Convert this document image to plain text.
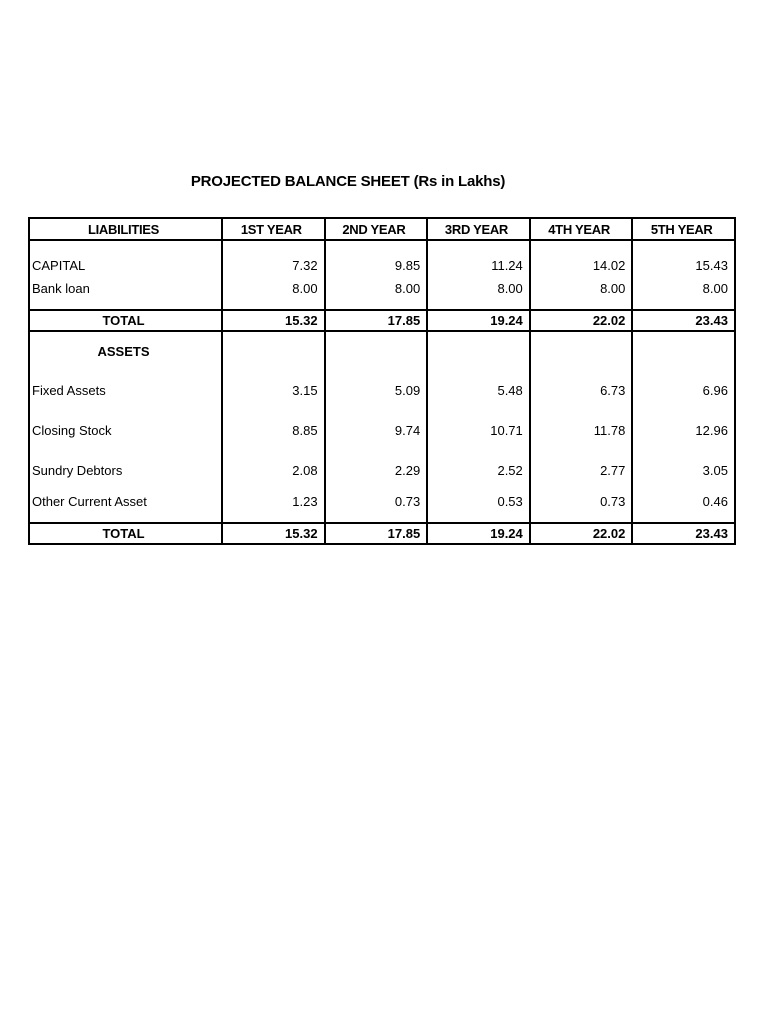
PROJECTED BALANCE SHEET (Rs in Lakhs)
LIABILITIES	1ST YEAR	2ND YEAR	3RD YEAR	4TH YEAR	5TH YEAR
CAPITAL	7.32	9.85	11.24	14.02	15.43
Bank loan	8.00	8.00	8.00	8.00	8.00
TOTAL	15.32	17.85	19.24	22.02	23.43
ASSETS					
Fixed Assets	3.15	5.09	5.48	6.73	6.96
Closing Stock	8.85	9.74	10.71	11.78	12.96
Sundry Debtors	2.08	2.29	2.52	2.77	3.05
Other Current Asset	1.23	0.73	0.53	0.73	0.46
TOTAL	15.32	17.85	19.24	22.02	23.43
